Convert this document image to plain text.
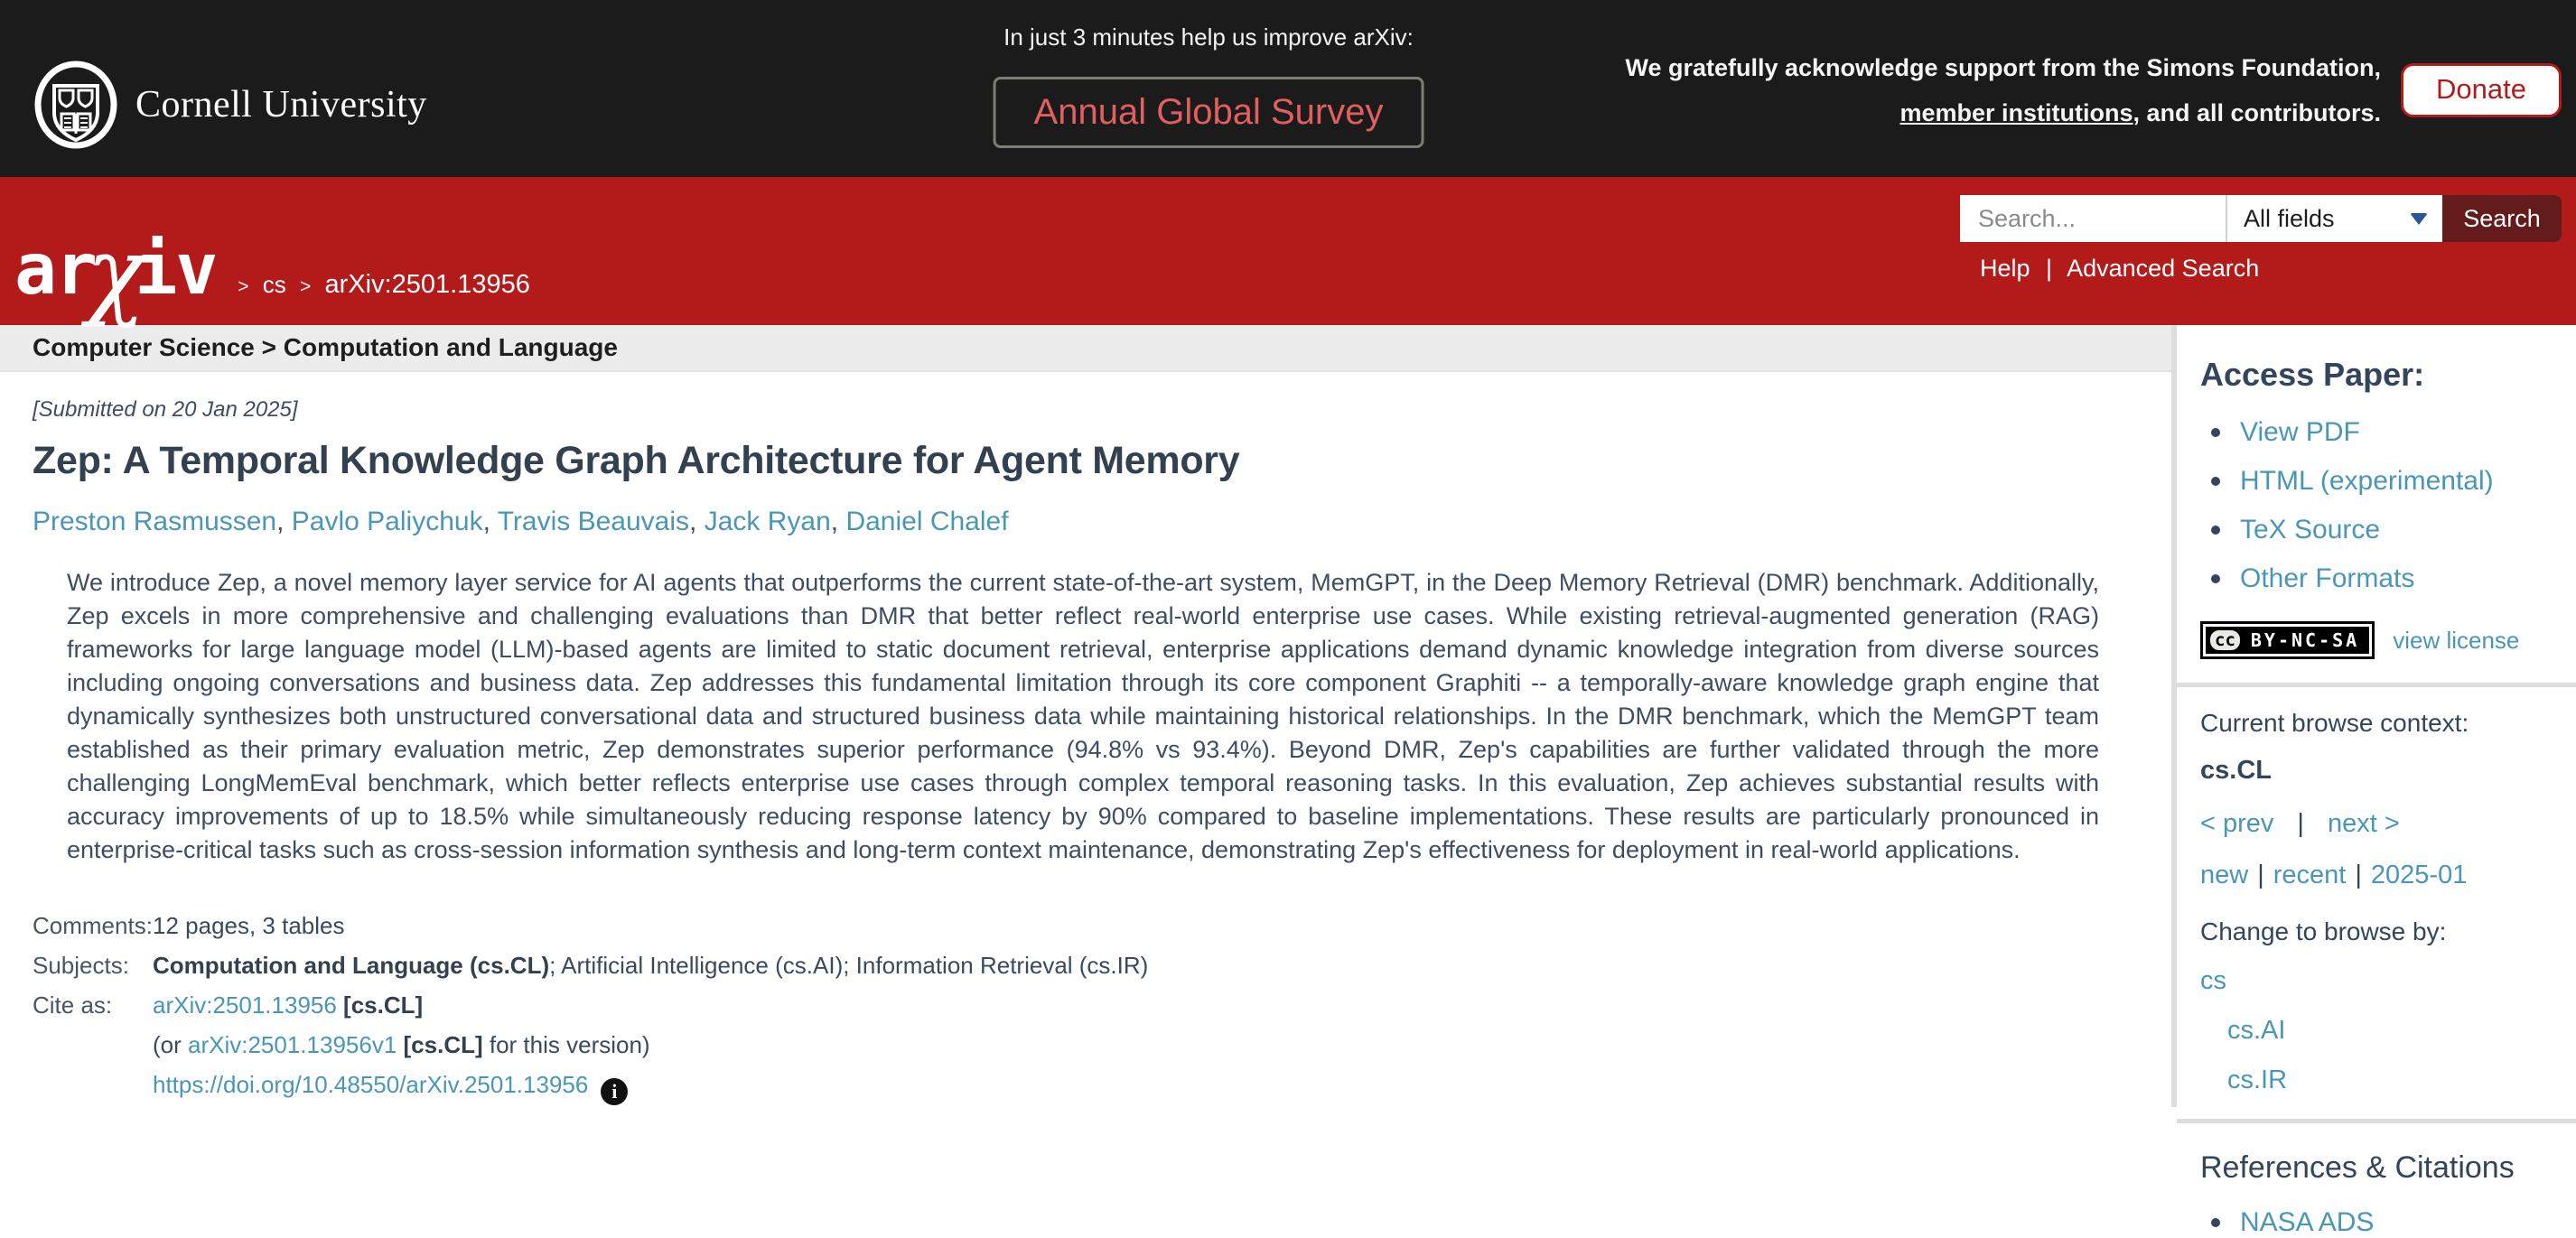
Cornell University
In just 3 minutes help us improve arXiv:
Annual Global Survey
We gratefully acknowledge support from the Simons Foundation,
member institutions, and all contributors.
Donate
arχiv	> cs > arXiv:2501.13956
Search...
All fields	Search
Help | Advanced Search
Computer Science > Computation and Language
[Submitted on 20 Jan 2025]
Zep: A Temporal Knowledge Graph Architecture for Agent Memory
Preston Rasmussen, Pavlo Paliychuk, Travis Beauvais, Jack Ryan, Daniel Chalef

We introduce Zep, a novel memory layer service for AI agents that outperforms the current state-of-the-art system, MemGPT, in the Deep Memory Retrieval (DMR) benchmark. Additionally, Zep excels in more comprehensive and challenging evaluations than DMR that better reflect real-world enterprise use cases. While existing retrieval-augmented generation (RAG) frameworks for large language model (LLM)-based agents are limited to static document retrieval, enterprise applications demand dynamic knowledge integration from diverse sources including ongoing conversations and business data. Zep addresses this fundamental limitation through its core component Graphiti -- a temporally-aware knowledge graph engine that dynamically synthesizes both unstructured conversational data and structured business data while maintaining historical relationships. In the DMR benchmark, which the MemGPT team established as their primary evaluation metric, Zep demonstrates superior performance (94.8% vs 93.4%). Beyond DMR, Zep's capabilities are further validated through the more challenging LongMemEval benchmark, which better reflects enterprise use cases through complex temporal reasoning tasks. In this evaluation, Zep achieves substantial results with accuracy improvements of up to 18.5% while simultaneously reducing response latency by 90% compared to baseline implementations. These results are particularly pronounced in enterprise-critical tasks such as cross-session information synthesis and long-term context maintenance, demonstrating Zep's effectiveness for deployment in real-world applications.

Comments: 12 pages, 3 tables
Subjects:	Computation and Language (cs.CL); Artificial Intelligence (cs.AI); Information Retrieval (cs.IR)
Cite as:	arXiv:2501.13956 [cs.CL]
(or arXiv:2501.13956v1 [cs.CL] for this version)
https://doi.org/10.48550/arXiv.2501.13956 i
Access Paper:
View PDF
HTML (experimental)
TeX Source
Other Formats
cc BY-NC-SA view license
Current browse context:
cs.CL
< prev | next >
new | recent | 2025-01
Change to browse by:
cs
cs.AI
cs.IR
References & Citations
NASA ADS
